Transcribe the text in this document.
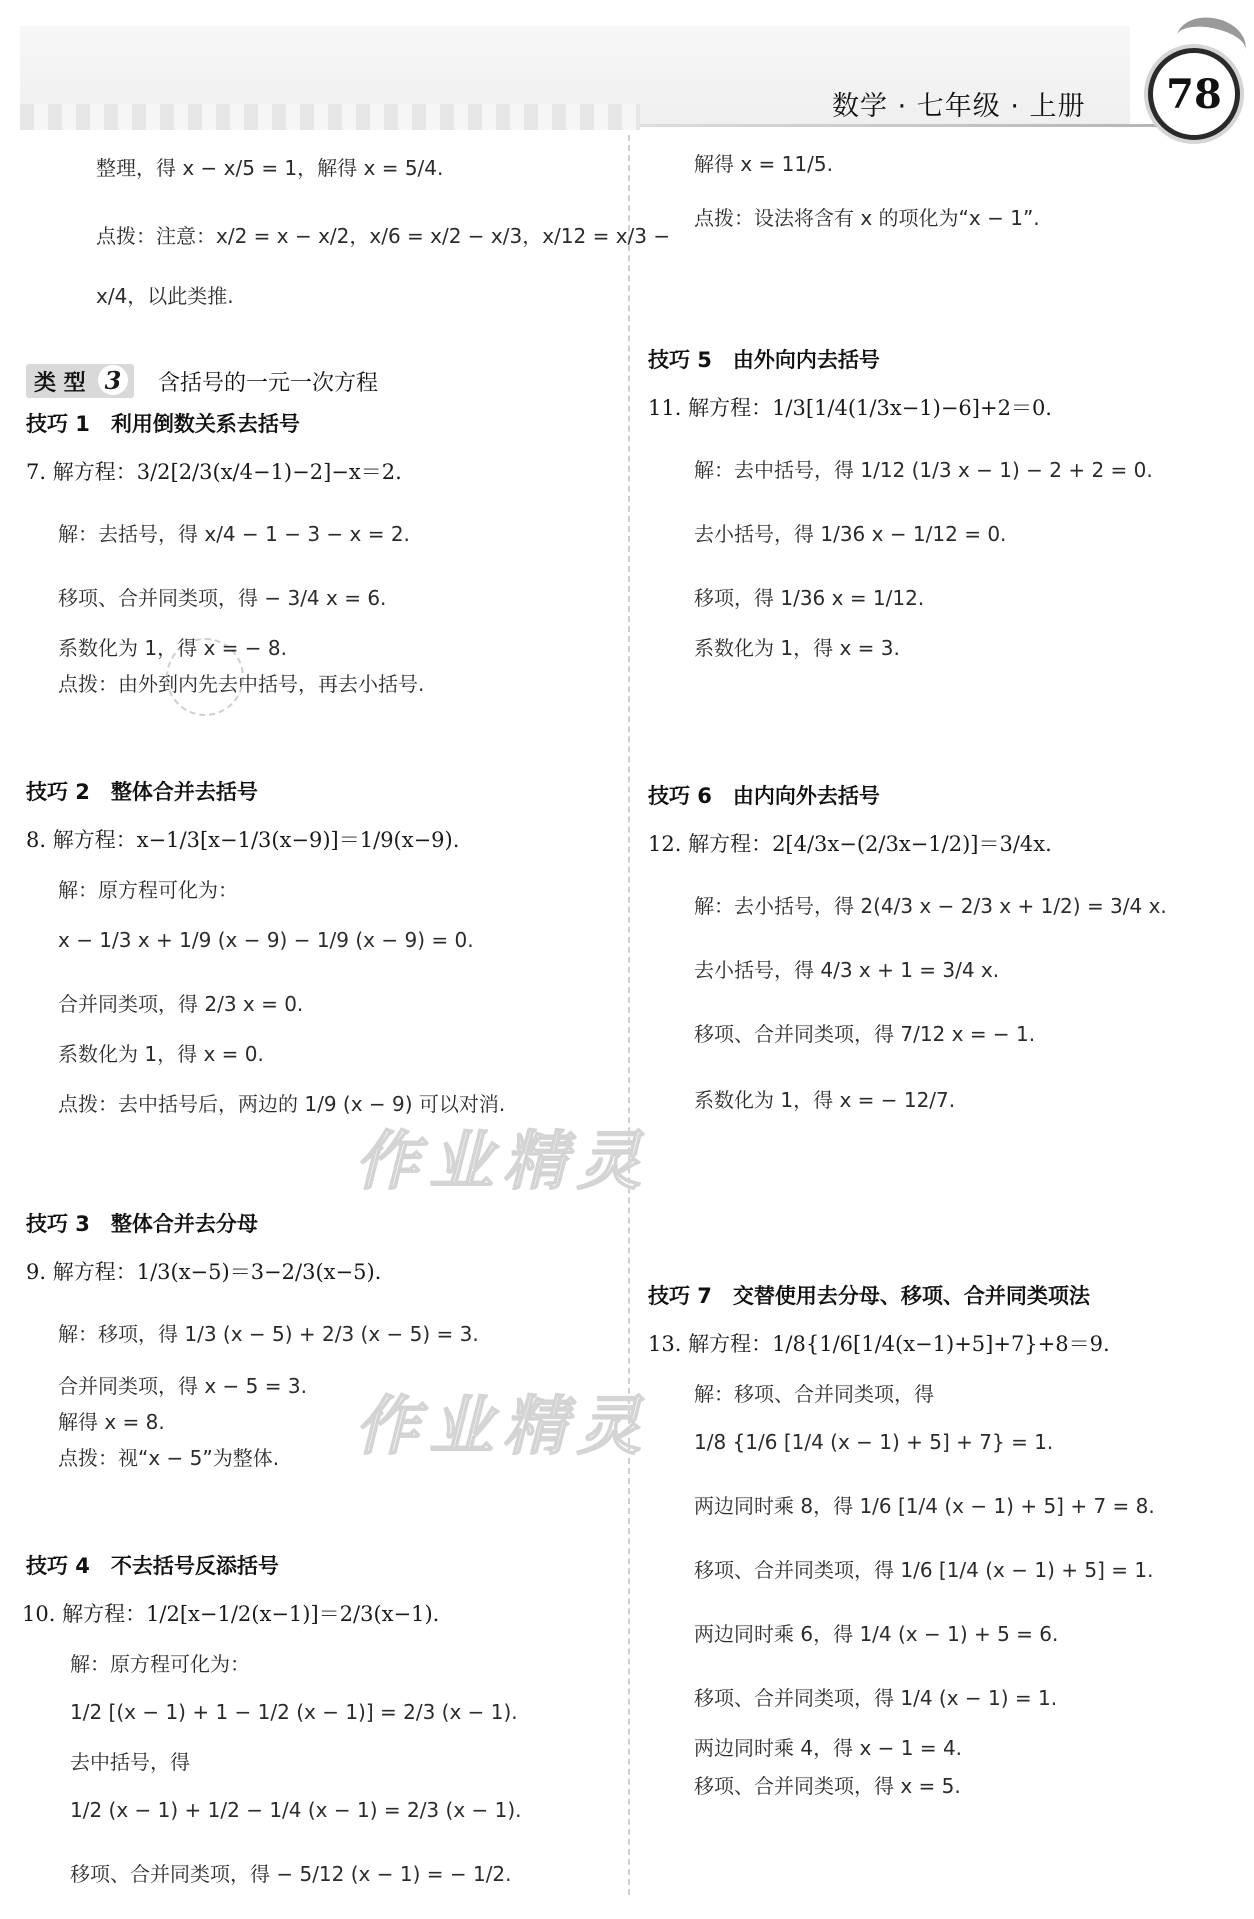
数学 · 七年级 · 上册	78
作业精灵
作业精灵
整理，得 x − x/5 = 1，解得 x = 5/4.
点拨：注意：x/2 = x − x/2，x/6 = x/2 − x/3，x/12 = x/3 −
x/4，以此类推.
类 型 3	含括号的一元一次方程
技巧 1　利用倒数关系去括号
7. 解方程：3/2[2/3(x/4−1)−2]−x＝2.
解：去括号，得 x/4 − 1 − 3 − x = 2.
移项、合并同类项，得 − 3/4 x = 6.
系数化为 1，得 x = − 8.
点拨：由外到内先去中括号，再去小括号.
技巧 2　整体合并去括号
8. 解方程：x−1/3[x−1/3(x−9)]＝1/9(x−9).
解：原方程可化为：
x − 1/3 x + 1/9 (x − 9) − 1/9 (x − 9) = 0.
合并同类项，得 2/3 x = 0.
系数化为 1，得 x = 0.
点拨：去中括号后，两边的 1/9 (x − 9) 可以对消.
技巧 3　整体合并去分母
9. 解方程：1/3(x−5)＝3−2/3(x−5).
解：移项，得 1/3 (x − 5) + 2/3 (x − 5) = 3.
合并同类项，得 x − 5 = 3.
解得 x = 8.
点拨：视“x − 5”为整体.
技巧 4　不去括号反添括号
10. 解方程：1/2[x−1/2(x−1)]＝2/3(x−1).
解：原方程可化为：
1/2 [(x − 1) + 1 − 1/2 (x − 1)] = 2/3 (x − 1).
去中括号，得
1/2 (x − 1) + 1/2 − 1/4 (x − 1) = 2/3 (x − 1).
移项、合并同类项，得 − 5/12 (x − 1) = − 1/2.
解得 x = 11/5.
点拨：设法将含有 x 的项化为“x − 1”.
技巧 5　由外向内去括号
11. 解方程：1/3[1/4(1/3x−1)−6]+2＝0.
解：去中括号，得 1/12 (1/3 x − 1) − 2 + 2 = 0.
去小括号，得 1/36 x − 1/12 = 0.
移项，得 1/36 x = 1/12.
系数化为 1，得 x = 3.
技巧 6　由内向外去括号
12. 解方程：2[4/3x−(2/3x−1/2)]＝3/4x.
解：去小括号，得 2(4/3 x − 2/3 x + 1/2) = 3/4 x.
去小括号，得 4/3 x + 1 = 3/4 x.
移项、合并同类项，得 7/12 x = − 1.
系数化为 1，得 x = − 12/7.
技巧 7　交替使用去分母、移项、合并同类项法
13. 解方程：1/8{1/6[1/4(x−1)+5]+7}+8＝9.
解：移项、合并同类项，得
1/8 {1/6 [1/4 (x − 1) + 5] + 7} = 1.
两边同时乘 8，得 1/6 [1/4 (x − 1) + 5] + 7 = 8.
移项、合并同类项，得 1/6 [1/4 (x − 1) + 5] = 1.
两边同时乘 6，得 1/4 (x − 1) + 5 = 6.
移项、合并同类项，得 1/4 (x − 1) = 1.
两边同时乘 4，得 x − 1 = 4.
移项、合并同类项，得 x = 5.
